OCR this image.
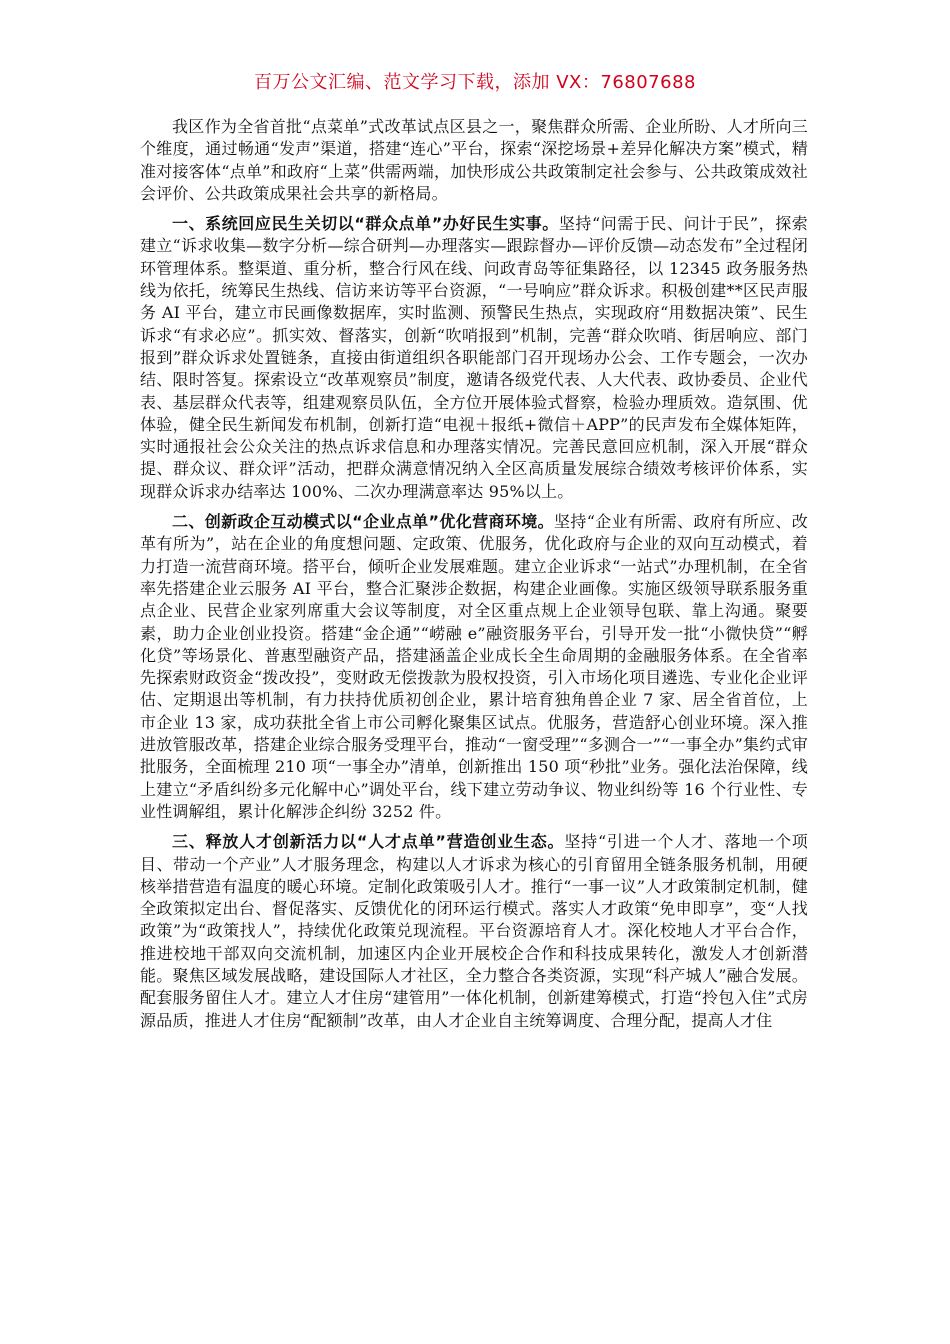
百万公文汇编、范文学习下载，添加 VX：76807688

我区作为全省首批“点菜单”式改革试点区县之一，聚焦群众所需、企业所盼、人才所向三个维度，通过畅通“发声”渠道，搭建“连心”平台，探索“深挖场景+差异化解决方案”模式，精准对接客体“点单”和政府“上菜”供需两端，加快形成公共政策制定社会参与、公共政策成效社会评价、公共政策成果社会共享的新格局。

一、系统回应民生关切以“群众点单”办好民生实事。坚持“问需于民、问计于民”，探索建立“诉求收集—数字分析—综合研判—办理落实—跟踪督办—评价反馈—动态发布”全过程闭环管理体系。整渠道、重分析，整合行风在线、问政青岛等征集路径，以 12345 政务服务热线为依托，统筹民生热线、信访来访等平台资源，“一号响应”群众诉求。积极创建**区民声服务 AI 平台，建立市民画像数据库，实时监测、预警民生热点，实现政府“用数据决策”、民生诉求“有求必应”。抓实效、督落实，创新“吹哨报到”机制，完善“群众吹哨、街居响应、部门报到”群众诉求处置链条，直接由街道组织各职能部门召开现场办公会、工作专题会，一次办结、限时答复。探索设立“改革观察员”制度，邀请各级党代表、人大代表、政协委员、企业代表、基层群众代表等，组建观察员队伍，全方位开展体验式督察，检验办理质效。造氛围、优体验，健全民生新闻发布机制，创新打造“电视＋报纸+微信＋APP”的民声发布全媒体矩阵，实时通报社会公众关注的热点诉求信息和办理落实情况。完善民意回应机制，深入开展“群众提、群众议、群众评”活动，把群众满意情况纳入全区高质量发展综合绩效考核评价体系，实现群众诉求办结率达 100%、二次办理满意率达 95%以上。

二、创新政企互动模式以“企业点单”优化营商环境。坚持“企业有所需、政府有所应、改革有所为”，站在企业的角度想问题、定政策、优服务，优化政府与企业的双向互动模式，着力打造一流营商环境。搭平台，倾听企业发展难题。建立企业诉求“一站式”办理机制，在全省率先搭建企业云服务 AI 平台，整合汇聚涉企数据，构建企业画像。实施区级领导联系服务重点企业、民营企业家列席重大会议等制度，对全区重点规上企业领导包联、靠上沟通。聚要素，助力企业创业投资。搭建“金企通”“崂融 e”融资服务平台，引导开发一批“小微快贷”“孵化贷”等场景化、普惠型融资产品，搭建涵盖企业成长全生命周期的金融服务体系。在全省率先探索财政资金“拨改投”，变财政无偿拨款为股权投资，引入市场化项目遴选、专业化企业评估、定期退出等机制，有力扶持优质初创企业，累计培育独角兽企业 7 家、居全省首位，上市企业 13 家，成功获批全省上市公司孵化聚集区试点。优服务，营造舒心创业环境。深入推进放管服改革，搭建企业综合服务受理平台，推动“一窗受理”“多测合一”“一事全办”集约式审批服务，全面梳理 210 项“一事全办”清单，创新推出 150 项“秒批”业务。强化法治保障，线上建立“矛盾纠纷多元化解中心”调处平台，线下建立劳动争议、物业纠纷等 16 个行业性、专业性调解组，累计化解涉企纠纷 3252 件。

三、释放人才创新活力以“人才点单”营造创业生态。坚持“引进一个人才、落地一个项目、带动一个产业”人才服务理念，构建以人才诉求为核心的引育留用全链条服务机制，用硬核举措营造有温度的暖心环境。定制化政策吸引人才。推行“一事一议”人才政策制定机制，健全政策拟定出台、督促落实、反馈优化的闭环运行模式。落实人才政策“免申即享”，变“人找政策”为“政策找人”，持续优化政策兑现流程。平台资源培育人才。深化校地人才平台合作，推进校地干部双向交流机制，加速区内企业开展校企合作和科技成果转化，激发人才创新潜能。聚焦区域发展战略，建设国际人才社区，全力整合各类资源，实现“科产城人”融合发展。配套服务留住人才。建立人才住房“建管用”一体化机制，创新建筹模式，打造“拎包入住”式房源品质，推进人才住房“配额制”改革，由人才企业自主统筹调度、合理分配，提高人才住
